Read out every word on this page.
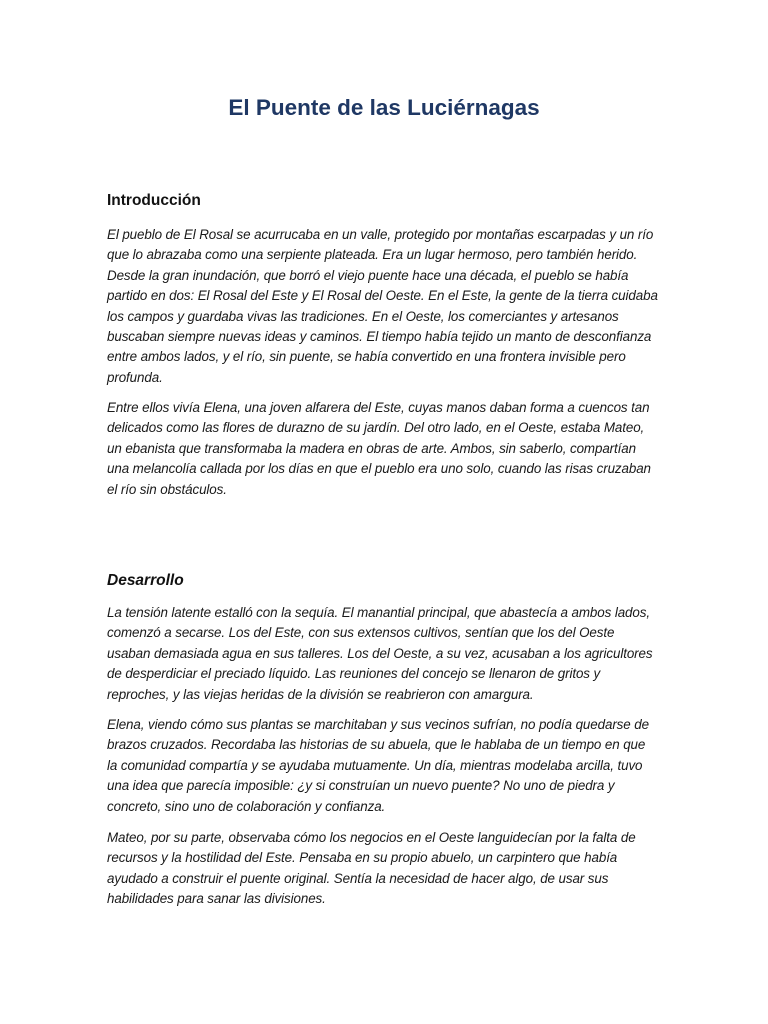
El Puente de las Luciérnagas
Introducción

El pueblo de El Rosal se acurrucaba en un valle, protegido por montañas escarpadas y un río que lo abrazaba como una serpiente plateada. Era un lugar hermoso, pero también herido. Desde la gran inundación, que borró el viejo puente hace una década, el pueblo se había partido en dos: El Rosal del Este y El Rosal del Oeste. En el Este, la gente de la tierra cuidaba los campos y guardaba vivas las tradiciones. En el Oeste, los comerciantes y artesanos buscaban siempre nuevas ideas y caminos. El tiempo había tejido un manto de desconfianza entre ambos lados, y el río, sin puente, se había convertido en una frontera invisible pero profunda.

Entre ellos vivía Elena, una joven alfarera del Este, cuyas manos daban forma a cuencos tan delicados como las flores de durazno de su jardín. Del otro lado, en el Oeste, estaba Mateo, un ebanista que transformaba la madera en obras de arte. Ambos, sin saberlo, compartían una melancolía callada por los días en que el pueblo era uno solo, cuando las risas cruzaban el río sin obstáculos.

Desarrollo

La tensión latente estalló con la sequía. El manantial principal, que abastecía a ambos lados, comenzó a secarse. Los del Este, con sus extensos cultivos, sentían que los del Oeste usaban demasiada agua en sus talleres. Los del Oeste, a su vez, acusaban a los agricultores de desperdiciar el preciado líquido. Las reuniones del concejo se llenaron de gritos y reproches, y las viejas heridas de la división se reabrieron con amargura.

Elena, viendo cómo sus plantas se marchitaban y sus vecinos sufrían, no podía quedarse de brazos cruzados. Recordaba las historias de su abuela, que le hablaba de un tiempo en que la comunidad compartía y se ayudaba mutuamente. Un día, mientras modelaba arcilla, tuvo una idea que parecía imposible: ¿y si construían un nuevo puente? No uno de piedra y concreto, sino uno de colaboración y confianza.

Mateo, por su parte, observaba cómo los negocios en el Oeste languidecían por la falta de recursos y la hostilidad del Este. Pensaba en su propio abuelo, un carpintero que había ayudado a construir el puente original. Sentía la necesidad de hacer algo, de usar sus habilidades para sanar las divisiones.
